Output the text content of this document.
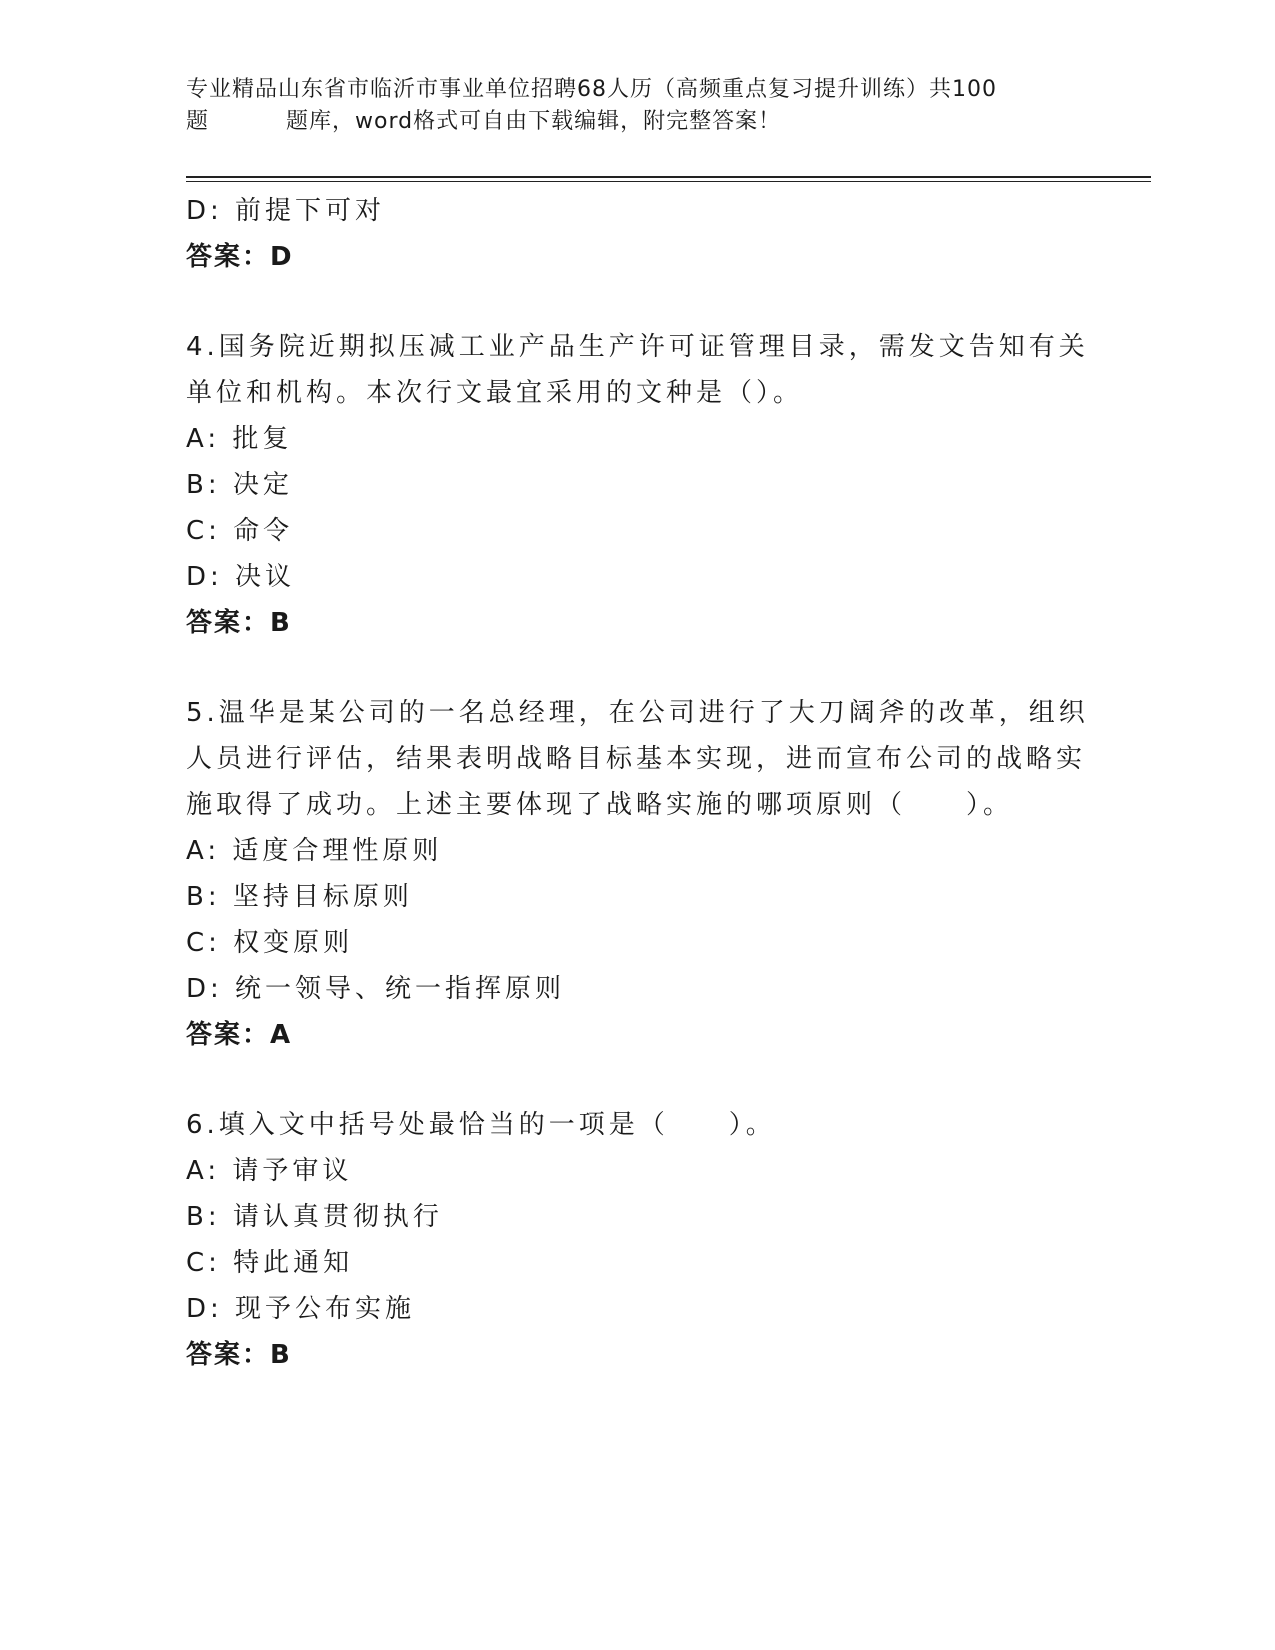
专业精品山东省市临沂市事业单位招聘68人历（高频重点复习提升训练）共100
题	题库，word格式可自由下载编辑，附完整答案！
D: 前提下可对
答案：D
4.国务院近期拟压减工业产品生产许可证管理目录，需发文告知有关
单位和机构。本次行文最宜采用的文种是（）。
A: 批复
B: 决定
C: 命令
D: 决议
答案：B
5.温华是某公司的一名总经理，在公司进行了大刀阔斧的改革，组织
人员进行评估，结果表明战略目标基本实现，进而宣布公司的战略实
施取得了成功。上述主要体现了战略实施的哪项原则（　　）。
A: 适度合理性原则
B: 坚持目标原则
C: 权变原则
D: 统一领导、统一指挥原则
答案：A
6.填入文中括号处最恰当的一项是（　　）。
A: 请予审议
B: 请认真贯彻执行
C: 特此通知
D: 现予公布实施
答案：B
